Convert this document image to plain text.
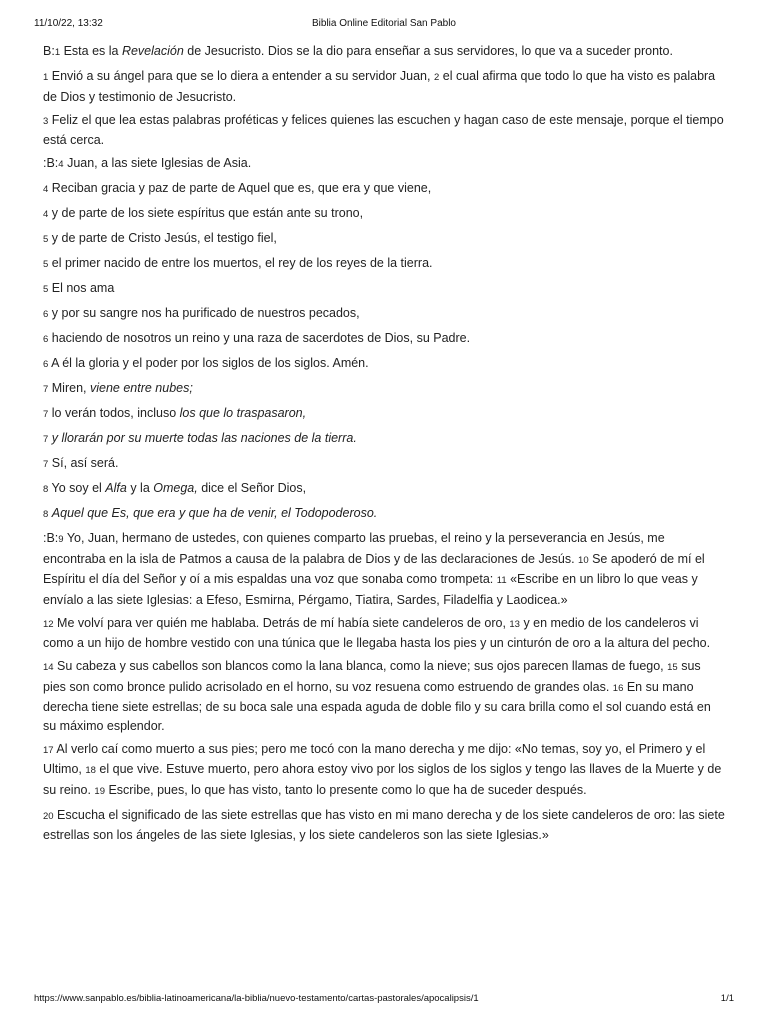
11/10/22, 13:32	Biblia Online Editorial San Pablo

B:1 Esta es la Revelación de Jesucristo. Dios se la dio para enseñar a sus servidores, lo que va a suceder pronto.

1 Envió a su ángel para que se lo diera a entender a su servidor Juan, 2 el cual afirma que todo lo que ha visto es palabra de Dios y testimonio de Jesucristo.

3 Feliz el que lea estas palabras proféticas y felices quienes las escuchen y hagan caso de este mensaje, porque el tiempo está cerca.

:B:4 Juan, a las siete Iglesias de Asia.

4 Reciban gracia y paz de parte de Aquel que es, que era y que viene,

4 y de parte de los siete espíritus que están ante su trono,

5 y de parte de Cristo Jesús, el testigo fiel,

5 el primer nacido de entre los muertos, el rey de los reyes de la tierra.

5 El nos ama

6 y por su sangre nos ha purificado de nuestros pecados,

6 haciendo de nosotros un reino y una raza de sacerdotes de Dios, su Padre.

6 A él la gloria y el poder por los siglos de los siglos. Amén.

7 Miren, viene entre nubes;

7 lo verán todos, incluso los que lo traspasaron,

7 y llorarán por su muerte todas las naciones de la tierra.

7 Sí, así será.

8 Yo soy el Alfa y la Omega, dice el Señor Dios,

8 Aquel que Es, que era y que ha de venir, el Todopoderoso.

:B:9 Yo, Juan, hermano de ustedes, con quienes comparto las pruebas, el reino y la perseverancia en Jesús, me encontraba en la isla de Patmos a causa de la palabra de Dios y de las declaraciones de Jesús. 10 Se apoderó de mí el Espíritu el día del Señor y oí a mis espaldas una voz que sonaba como trompeta: 11 «Escribe en un libro lo que veas y envíalo a las siete Iglesias: a Efeso, Esmirna, Pérgamo, Tiatira, Sardes, Filadelfia y Laodicea.»

12 Me volví para ver quién me hablaba. Detrás de mí había siete candeleros de oro, 13 y en medio de los candeleros vi como a un hijo de hombre vestido con una túnica que le llegaba hasta los pies y un cinturón de oro a la altura del pecho.

14 Su cabeza y sus cabellos son blancos como la lana blanca, como la nieve; sus ojos parecen llamas de fuego, 15 sus pies son como bronce pulido acrisolado en el horno, su voz resuena como estruendo de grandes olas. 16 En su mano derecha tiene siete estrellas; de su boca sale una espada aguda de doble filo y su cara brilla como el sol cuando está en su máximo esplendor.

17 Al verlo caí como muerto a sus pies; pero me tocó con la mano derecha y me dijo: «No temas, soy yo, el Primero y el Ultimo, 18 el que vive. Estuve muerto, pero ahora estoy vivo por los siglos de los siglos y tengo las llaves de la Muerte y de su reino. 19 Escribe, pues, lo que has visto, tanto lo presente como lo que ha de suceder después.

20 Escucha el significado de las siete estrellas que has visto en mi mano derecha y de los siete candeleros de oro: las siete estrellas son los ángeles de las siete Iglesias, y los siete candeleros son las siete Iglesias.»

https://www.sanpablo.es/biblia-latinoamericana/la-biblia/nuevo-testamento/cartas-pastorales/apocalipsis/1	1/1
